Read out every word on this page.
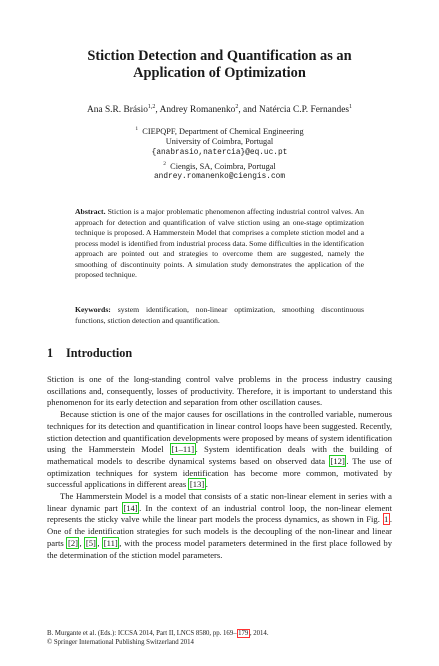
Stiction Detection and Quantification as an
Application of Optimization
Ana S.R. Brásio$^{1,2}$, Andrey Romanenko$^2$, and Natércia C.P. Fernandes$^1$
$^1$ CIEPQPF, Department of Chemical Engineering
University of Coimbra, Portugal
{anabrasio,natercia}@eq.uc.pt
$^2$ Ciengis, SA, Coimbra, Portugal
andrey.romanenko@ciengis.com
Abstract. Stiction is a major problematic phenomenon affecting industrial control valves. An approach for detection and quantification of valve stiction using an one-stage optimization technique is proposed. A Hammerstein Model that comprises a complete stiction model and a process model is identified from industrial process data. Some difficulties in the identification approach are pointed out and strategies to overcome them are suggested, namely the smoothing of discontinuity points. A simulation study demonstrates the application of the proposed technique.
Keywords: system identification, non-linear optimization, smoothing discontinuous functions, stiction detection and quantification.
1 Introduction

Stiction is one of the long-standing control valve problems in the process industry causing oscillations and, consequently, losses of productivity. Therefore, it is important to understand this phenomenon for its early detection and separation from other oscillation causes.

Because stiction is one of the major causes for oscillations in the controlled variable, numerous techniques for its detection and quantification in linear control loops have been suggested. Recently, stiction detection and quantification developments were proposed by means of system identification using the Hammerstein Model [1–11] . System identification deals with the building of mathematical models to describe dynamical systems based on observed data [12] . The use of optimization techniques for system identification has become more common, motivated by successful applications in different areas [13] .

The Hammerstein Model is a model that consists of a static non-linear element in series with a linear dynamic part [14] . In the context of an industrial control loop, the non-linear element represents the sticky valve while the linear part models the process dynamics, as shown in Fig. 1 . One of the identification strategies for such models is the decoupling of the non-linear and linear parts [2] , [5] , [11] , with the process model parameters determined in the first place followed by the determination of the stiction model parameters.

B. Murgante et al. (Eds.): ICCSA 2014, Part II, LNCS 8580, pp. 169– 179 , 2014.
© Springer International Publishing Switzerland 2014
